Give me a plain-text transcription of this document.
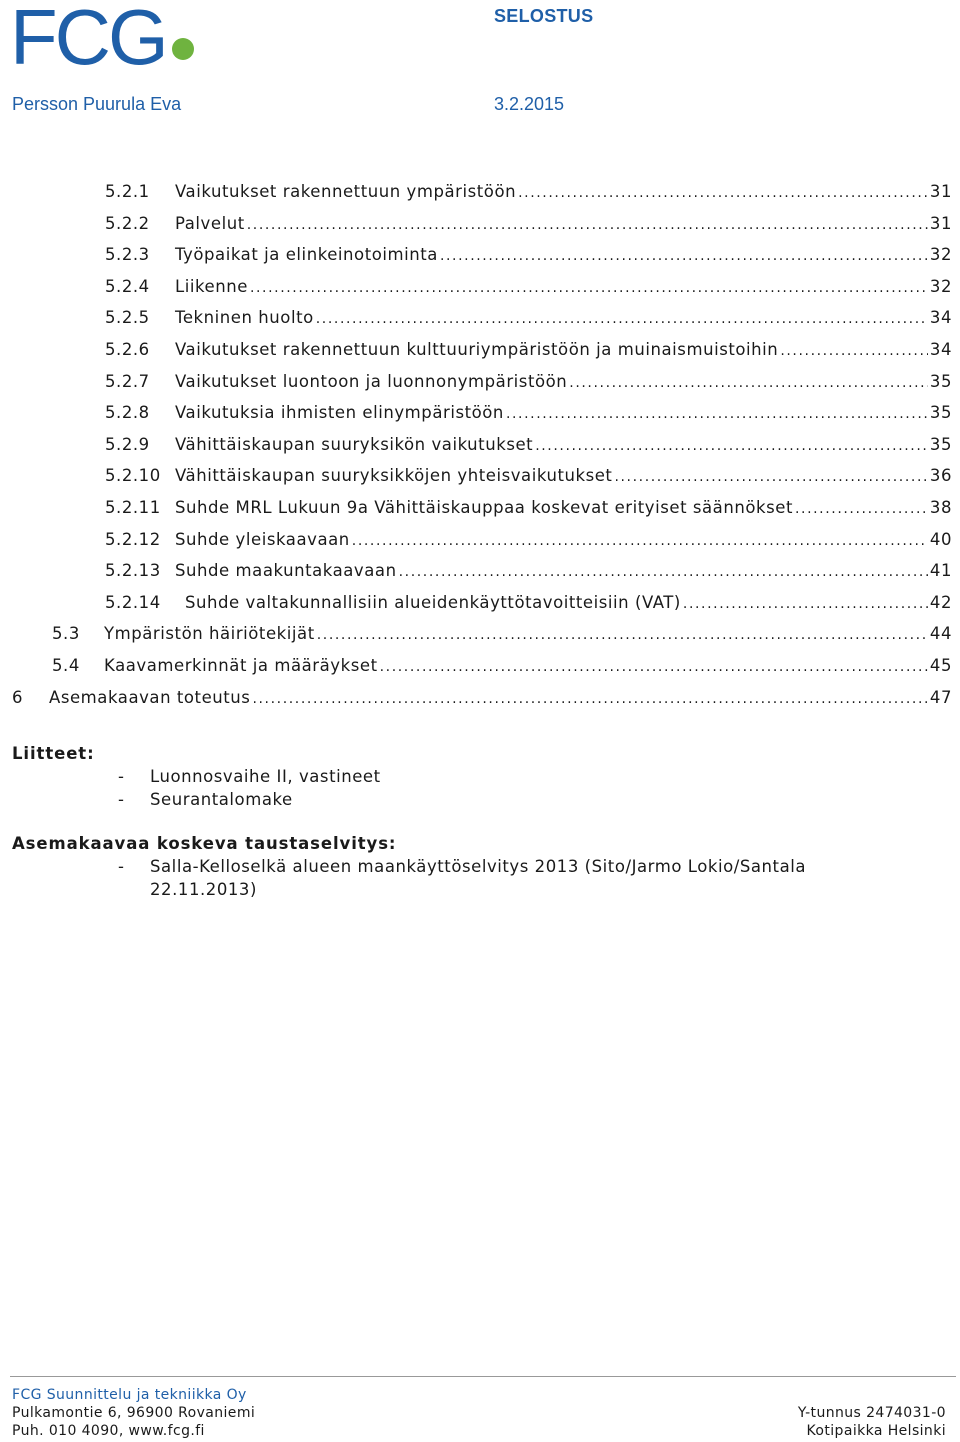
FCG	SELOSTUS
Persson Puurula Eva	3.2.2015
5.2.1	Vaikutukset rakennettuun ympäristöön .....	31
5.2.2	Palvelut .....	31
5.2.3	Työpaikat ja elinkeinotoiminta .....	32
5.2.4	Liikenne .....	32
5.2.5	Tekninen huolto .....	34
5.2.6	Vaikutukset rakennettuun kulttuuriympäristöön ja muinaismuistoihin .....	34
5.2.7	Vaikutukset luontoon ja luonnonympäristöön .....	35
5.2.8	Vaikutuksia ihmisten elinympäristöön .....	35
5.2.9	Vähittäiskaupan suuryksikön vaikutukset .....	35
5.2.10 Vähittäiskaupan suuryksikköjen yhteisvaikutukset .....	36
5.2.11 Suhde MRL Lukuun 9a Vähittäiskauppaa koskevat erityiset säännökset .....	38
5.2.12 Suhde yleiskaavaan .....	40
5.2.13 Suhde maakuntakaavaan .....	41
5.2.14	Suhde valtakunnallisiin alueidenkäyttötavoitteisiin (VAT) .....	42
5.3	Ympäristön häiriötekijät .....	44
5.4	Kaavamerkinnät ja määräykset .....	45
6	Asemakaavan toteutus .....	47
Liitteet:
- Luonnosvaihe II, vastineet
- Seurantalomake
Asemakaavaa koskeva taustaselvitys:
- Salla-Kelloselkä alueen maankäyttöselvitys 2013 (Sito/Jarmo Lokio/Santala
22.11.2013)
FCG Suunnittelu ja tekniikka Oy
Pulkamontie 6, 96900 Rovaniemi
Puh. 010 4090, www.fcg.fi
Y-tunnus 2474031-0
Kotipaikka Helsinki
